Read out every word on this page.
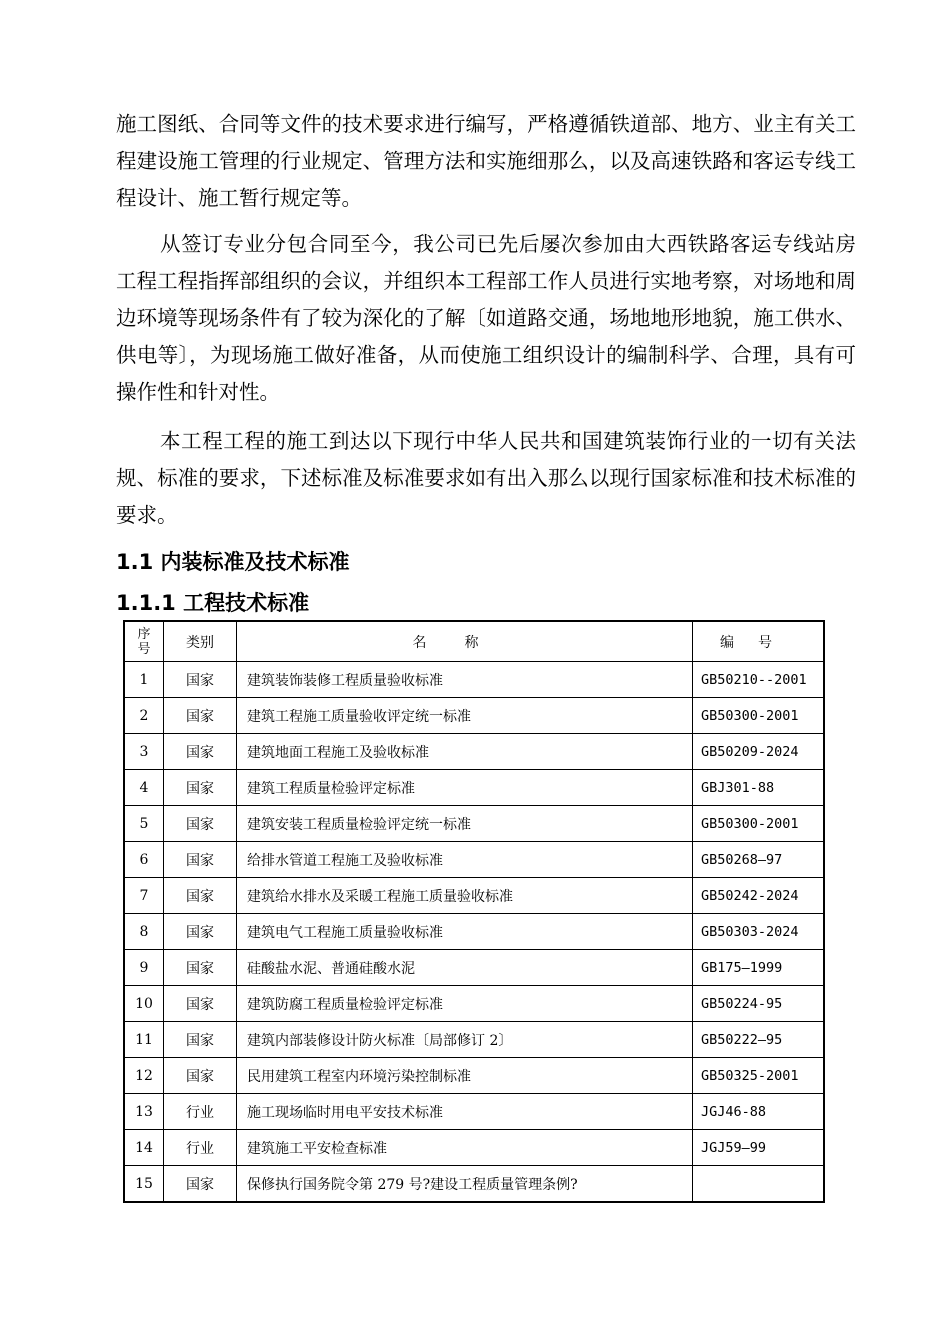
施工图纸、合同等文件的技术要求进行编写，严格遵循铁道部、地方、业主有关工程建设施工管理的行业规定、管理方法和实施细那么，以及高速铁路和客运专线工程设计、施工暂行规定等。

从签订专业分包合同至今，我公司已先后屡次参加由大西铁路客运专线站房工程工程指挥部组织的会议，并组织本工程部工作人员进行实地考察，对场地和周边环境等现场条件有了较为深化的了解〔如道路交通，场地地形地貌，施工供水、供电等〕，为现场施工做好准备，从而使施工组织设计的编制科学、合理，具有可操作性和针对性。

本工程工程的施工到达以下现行中华人民共和国建筑装饰行业的一切有关法规、标准的要求，下述标准及标准要求如有出入那么以现行国家标准和技术标准的要求。

1.1 内装标准及技术标准
1.1.1 工程技术标准
序号	类别	名称	编号
1	国家	建筑装饰装修工程质量验收标准	GB50210--2001
2	国家	建筑工程施工质量验收评定统一标准	GB50300-2001
3	国家	建筑地面工程施工及验收标准	GB50209-2024
4	国家	建筑工程质量检验评定标准	GBJ301-88
5	国家	建筑安装工程质量检验评定统一标准	GB50300-2001
6	国家	给排水管道工程施工及验收标准	GB50268—97
7	国家	建筑给水排水及采暖工程施工质量验收标准	GB50242-2024
8	国家	建筑电气工程施工质量验收标准	GB50303-2024
9	国家	硅酸盐水泥、普通硅酸水泥	GB175—1999
10	国家	建筑防腐工程质量检验评定标准	GB50224-95
11	国家	建筑内部装修设计防火标准〔局部修订 2〕	GB50222—95
12	国家	民用建筑工程室内环境污染控制标准	GB50325-2001
13	行业	施工现场临时用电平安技术标准	JGJ46-88
14	行业	建筑施工平安检查标准	JGJ59—99
15	国家	保修执行国务院令第 279 号?建设工程质量管理条例?	
